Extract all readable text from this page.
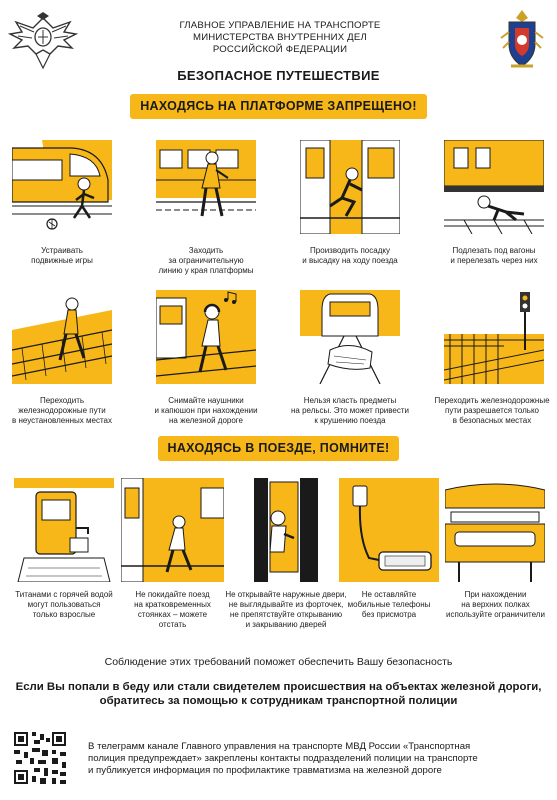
ГЛАВНОЕ УПРАВЛЕНИЕ НА ТРАНСПОРТЕ
МИНИСТЕРСТВА ВНУТРЕННИХ ДЕЛ
РОССИЙСКОЙ ФЕДЕРАЦИИ
БЕЗОПАСНОЕ ПУТЕШЕСТВИЕ
НАХОДЯСЬ НА ПЛАТФОРМЕ ЗАПРЕЩЕНО!
Устраивать
подвижные игры
Заходить
за ограничительную
линию у края платформы
Производить посадку
и высадку на ходу поезда
Подлезать под вагоны
и перелезать через них
Переходить
железнодорожные пути
в неустановленных местах
Снимайте наушники
и капюшон при нахождении
на железной дороге
Нельзя класть предметы
на рельсы. Это может привести
к крушению поезда
Переходить железнодорожные
пути разрешается только
в безопасных местах
НАХОДЯСЬ В ПОЕЗДЕ, ПОМНИТЕ!
Титанами с горячей водой
могут пользоваться
только взрослые
Не покидайте поезд
на кратковременных
стоянках – можете
отстать
Не открывайте наружные двери,
не выглядывайте из форточек,
не препятствуйте открыванию
и закрыванию дверей
Не оставляйте
мобильные телефоны
без присмотра
При нахождении
на верхних полках
используйте ограничители
Соблюдение этих требований поможет обеспечить Вашу безопасность
Если Вы попали в беду или стали свидетелем происшествия на объектах железной дороги,
обратитесь за помощью к сотрудникам транспортной полиции
В телеграмм канале Главного управления на транспорте МВД России «Транспортная
полиция предупреждает» закреплены контакты подразделений полиции на транспорте
и публикуется информация по профилактике травматизма на железной дороге
